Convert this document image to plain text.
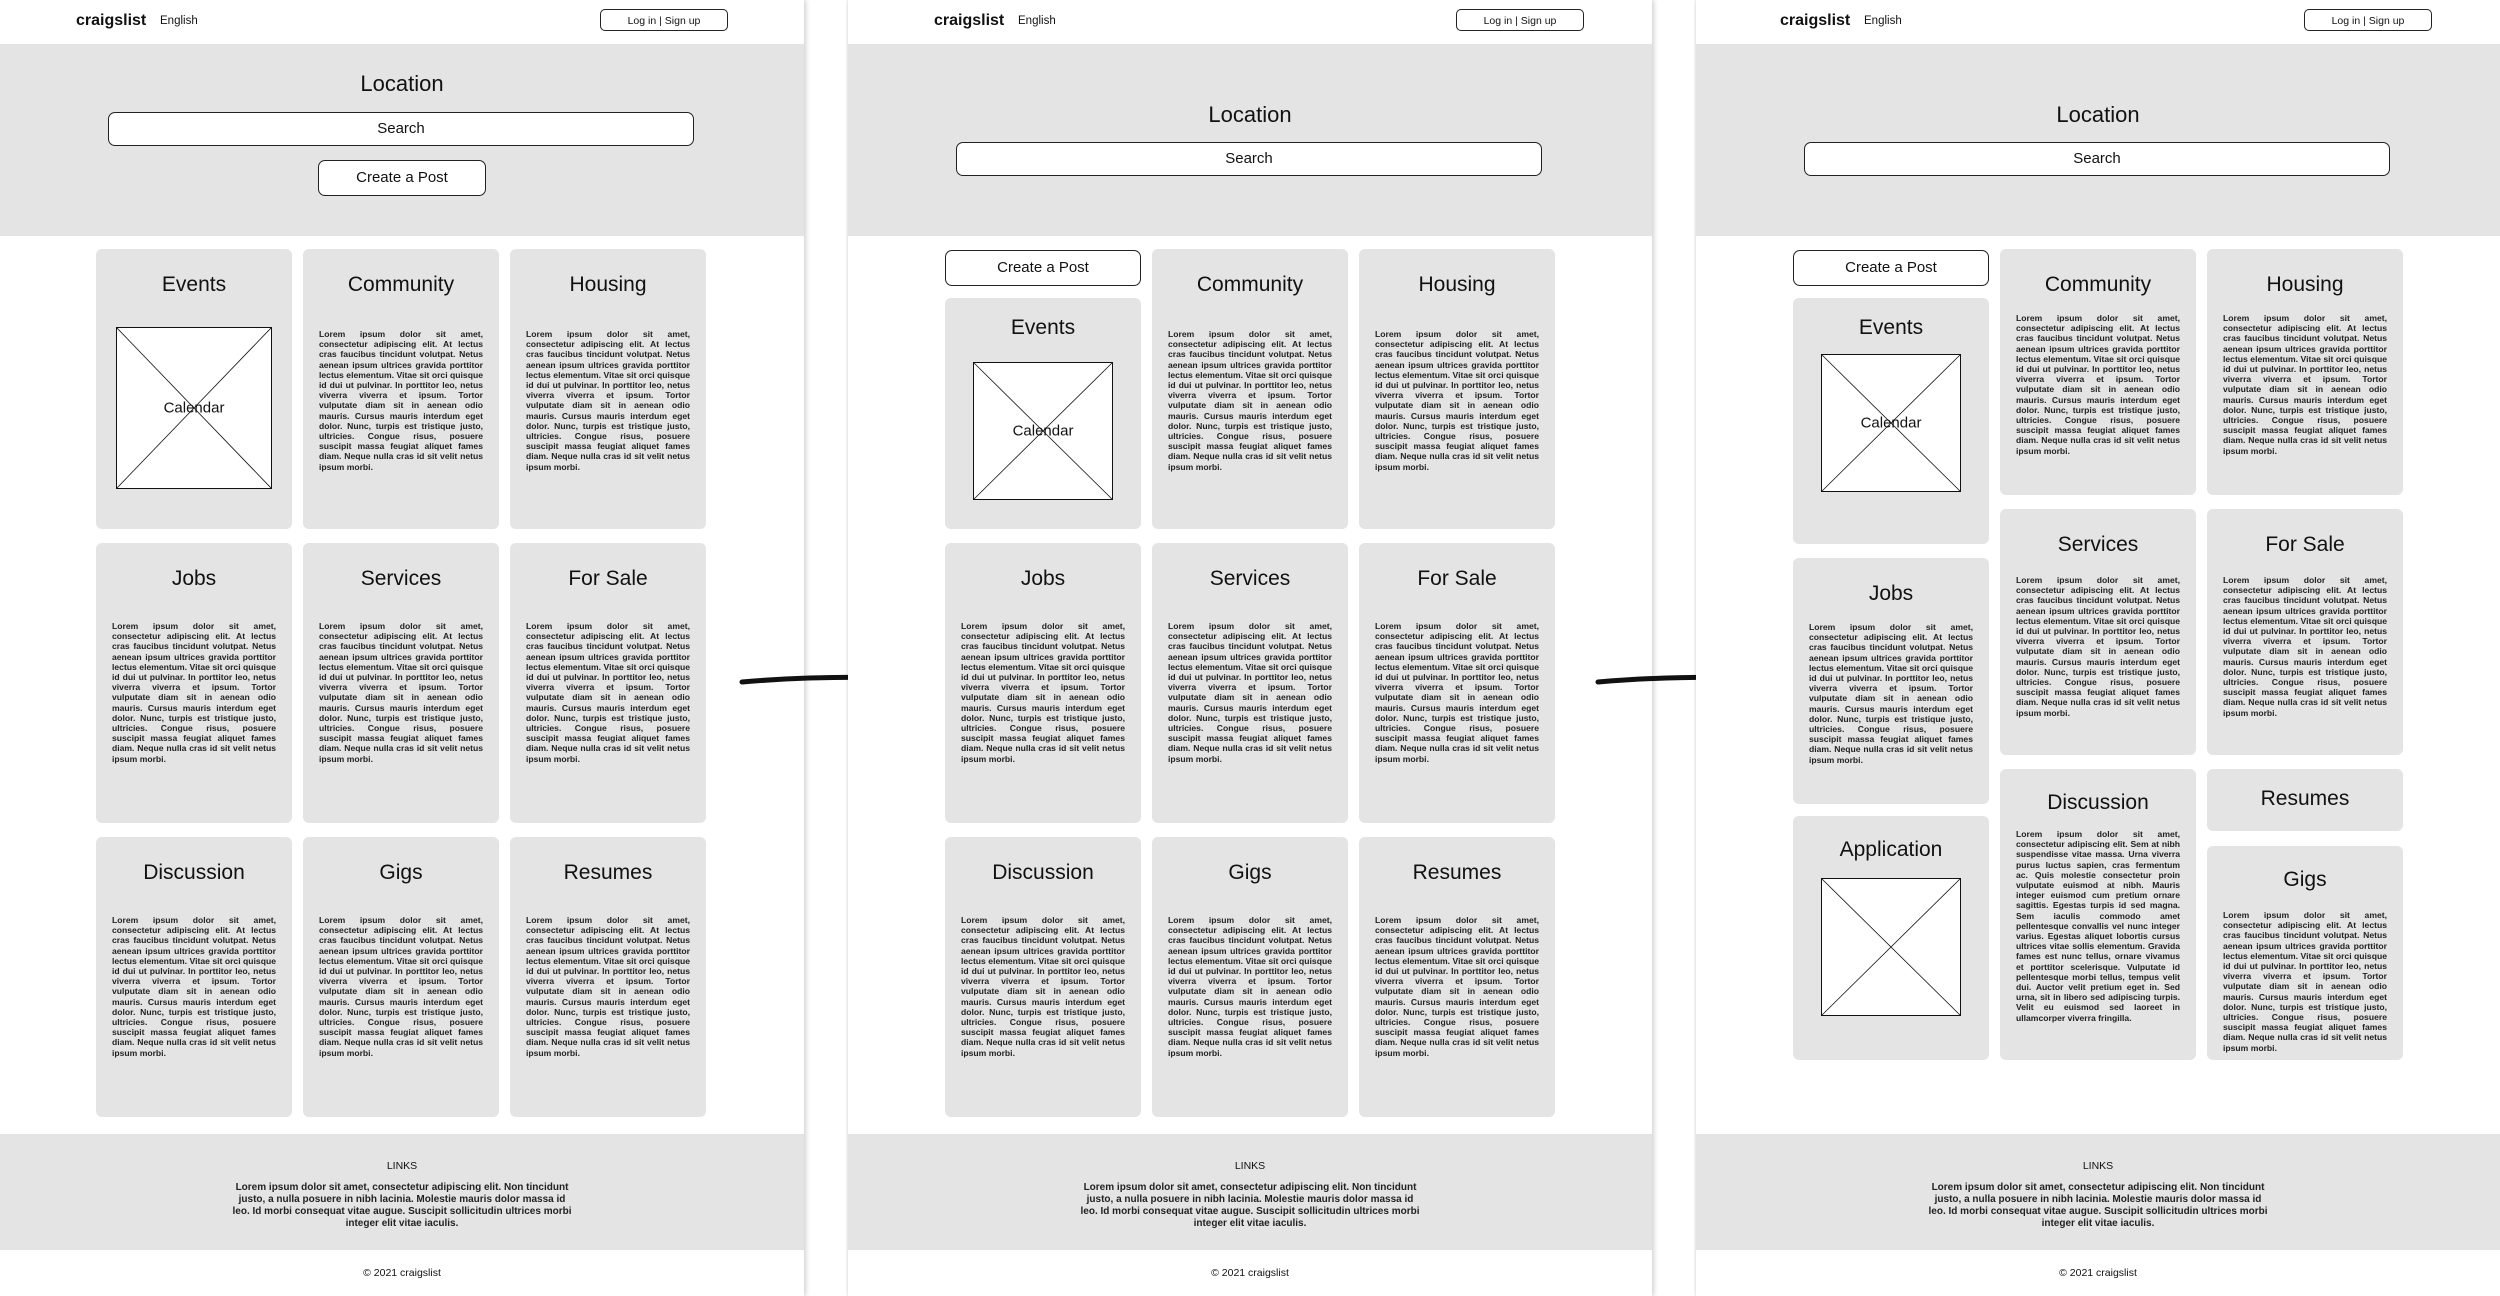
craigslist English	Log in | Sign up
Location
Search
Create a Post
Events
Calendar
Community

Lorem ipsum dolor sit amet, consectetur adipiscing elit. At lectus cras faucibus tincidunt volutpat. Netus aenean ipsum ultrices gravida porttitor lectus elementum. Vitae sit orci quisque id dui ut pulvinar. In porttitor leo, netus viverra viverra et ipsum. Tortor vulputate diam sit in aenean odio mauris. Cursus mauris interdum eget dolor. Nunc, turpis est tristique justo, ultricies. Congue risus, posuere suscipit massa feugiat aliquet fames diam. Neque nulla cras id sit velit netus ipsum morbi.

Housing

Lorem ipsum dolor sit amet, consectetur adipiscing elit. At lectus cras faucibus tincidunt volutpat. Netus aenean ipsum ultrices gravida porttitor lectus elementum. Vitae sit orci quisque id dui ut pulvinar. In porttitor leo, netus viverra viverra et ipsum. Tortor vulputate diam sit in aenean odio mauris. Cursus mauris interdum eget dolor. Nunc, turpis est tristique justo, ultricies. Congue risus, posuere suscipit massa feugiat aliquet fames diam. Neque nulla cras id sit velit netus ipsum morbi.

Jobs

Lorem ipsum dolor sit amet, consectetur adipiscing elit. At lectus cras faucibus tincidunt volutpat. Netus aenean ipsum ultrices gravida porttitor lectus elementum. Vitae sit orci quisque id dui ut pulvinar. In porttitor leo, netus viverra viverra et ipsum. Tortor vulputate diam sit in aenean odio mauris. Cursus mauris interdum eget dolor. Nunc, turpis est tristique justo, ultricies. Congue risus, posuere suscipit massa feugiat aliquet fames diam. Neque nulla cras id sit velit netus ipsum morbi.

Services

Lorem ipsum dolor sit amet, consectetur adipiscing elit. At lectus cras faucibus tincidunt volutpat. Netus aenean ipsum ultrices gravida porttitor lectus elementum. Vitae sit orci quisque id dui ut pulvinar. In porttitor leo, netus viverra viverra et ipsum. Tortor vulputate diam sit in aenean odio mauris. Cursus mauris interdum eget dolor. Nunc, turpis est tristique justo, ultricies. Congue risus, posuere suscipit massa feugiat aliquet fames diam. Neque nulla cras id sit velit netus ipsum morbi.

For Sale

Lorem ipsum dolor sit amet, consectetur adipiscing elit. At lectus cras faucibus tincidunt volutpat. Netus aenean ipsum ultrices gravida porttitor lectus elementum. Vitae sit orci quisque id dui ut pulvinar. In porttitor leo, netus viverra viverra et ipsum. Tortor vulputate diam sit in aenean odio mauris. Cursus mauris interdum eget dolor. Nunc, turpis est tristique justo, ultricies. Congue risus, posuere suscipit massa feugiat aliquet fames diam. Neque nulla cras id sit velit netus ipsum morbi.

Discussion

Lorem ipsum dolor sit amet, consectetur adipiscing elit. At lectus cras faucibus tincidunt volutpat. Netus aenean ipsum ultrices gravida porttitor lectus elementum. Vitae sit orci quisque id dui ut pulvinar. In porttitor leo, netus viverra viverra et ipsum. Tortor vulputate diam sit in aenean odio mauris. Cursus mauris interdum eget dolor. Nunc, turpis est tristique justo, ultricies. Congue risus, posuere suscipit massa feugiat aliquet fames diam. Neque nulla cras id sit velit netus ipsum morbi.

Gigs

Lorem ipsum dolor sit amet, consectetur adipiscing elit. At lectus cras faucibus tincidunt volutpat. Netus aenean ipsum ultrices gravida porttitor lectus elementum. Vitae sit orci quisque id dui ut pulvinar. In porttitor leo, netus viverra viverra et ipsum. Tortor vulputate diam sit in aenean odio mauris. Cursus mauris interdum eget dolor. Nunc, turpis est tristique justo, ultricies. Congue risus, posuere suscipit massa feugiat aliquet fames diam. Neque nulla cras id sit velit netus ipsum morbi.

Resumes

Lorem ipsum dolor sit amet, consectetur adipiscing elit. At lectus cras faucibus tincidunt volutpat. Netus aenean ipsum ultrices gravida porttitor lectus elementum. Vitae sit orci quisque id dui ut pulvinar. In porttitor leo, netus viverra viverra et ipsum. Tortor vulputate diam sit in aenean odio mauris. Cursus mauris interdum eget dolor. Nunc, turpis est tristique justo, ultricies. Congue risus, posuere suscipit massa feugiat aliquet fames diam. Neque nulla cras id sit velit netus ipsum morbi.

LINKS
Lorem ipsum dolor sit amet, consectetur adipiscing elit. Non tincidunt justo, a nulla posuere in nibh lacinia. Molestie mauris dolor massa id leo. Id morbi consequat vitae augue. Suscipit sollicitudin ultrices morbi integer elit vitae iaculis.
© 2021 craigslist
craigslist English	Log in | Sign up
Location
Search
Create a Post
Events
Calendar
Community

Lorem ipsum dolor sit amet, consectetur adipiscing elit. At lectus cras faucibus tincidunt volutpat. Netus aenean ipsum ultrices gravida porttitor lectus elementum. Vitae sit orci quisque id dui ut pulvinar. In porttitor leo, netus viverra viverra et ipsum. Tortor vulputate diam sit in aenean odio mauris. Cursus mauris interdum eget dolor. Nunc, turpis est tristique justo, ultricies. Congue risus, posuere suscipit massa feugiat aliquet fames diam. Neque nulla cras id sit velit netus ipsum morbi.

Housing

Lorem ipsum dolor sit amet, consectetur adipiscing elit. At lectus cras faucibus tincidunt volutpat. Netus aenean ipsum ultrices gravida porttitor lectus elementum. Vitae sit orci quisque id dui ut pulvinar. In porttitor leo, netus viverra viverra et ipsum. Tortor vulputate diam sit in aenean odio mauris. Cursus mauris interdum eget dolor. Nunc, turpis est tristique justo, ultricies. Congue risus, posuere suscipit massa feugiat aliquet fames diam. Neque nulla cras id sit velit netus ipsum morbi.

Jobs

Lorem ipsum dolor sit amet, consectetur adipiscing elit. At lectus cras faucibus tincidunt volutpat. Netus aenean ipsum ultrices gravida porttitor lectus elementum. Vitae sit orci quisque id dui ut pulvinar. In porttitor leo, netus viverra viverra et ipsum. Tortor vulputate diam sit in aenean odio mauris. Cursus mauris interdum eget dolor. Nunc, turpis est tristique justo, ultricies. Congue risus, posuere suscipit massa feugiat aliquet fames diam. Neque nulla cras id sit velit netus ipsum morbi.

Services

Lorem ipsum dolor sit amet, consectetur adipiscing elit. At lectus cras faucibus tincidunt volutpat. Netus aenean ipsum ultrices gravida porttitor lectus elementum. Vitae sit orci quisque id dui ut pulvinar. In porttitor leo, netus viverra viverra et ipsum. Tortor vulputate diam sit in aenean odio mauris. Cursus mauris interdum eget dolor. Nunc, turpis est tristique justo, ultricies. Congue risus, posuere suscipit massa feugiat aliquet fames diam. Neque nulla cras id sit velit netus ipsum morbi.

For Sale

Lorem ipsum dolor sit amet, consectetur adipiscing elit. At lectus cras faucibus tincidunt volutpat. Netus aenean ipsum ultrices gravida porttitor lectus elementum. Vitae sit orci quisque id dui ut pulvinar. In porttitor leo, netus viverra viverra et ipsum. Tortor vulputate diam sit in aenean odio mauris. Cursus mauris interdum eget dolor. Nunc, turpis est tristique justo, ultricies. Congue risus, posuere suscipit massa feugiat aliquet fames diam. Neque nulla cras id sit velit netus ipsum morbi.

Discussion

Lorem ipsum dolor sit amet, consectetur adipiscing elit. At lectus cras faucibus tincidunt volutpat. Netus aenean ipsum ultrices gravida porttitor lectus elementum. Vitae sit orci quisque id dui ut pulvinar. In porttitor leo, netus viverra viverra et ipsum. Tortor vulputate diam sit in aenean odio mauris. Cursus mauris interdum eget dolor. Nunc, turpis est tristique justo, ultricies. Congue risus, posuere suscipit massa feugiat aliquet fames diam. Neque nulla cras id sit velit netus ipsum morbi.

Gigs

Lorem ipsum dolor sit amet, consectetur adipiscing elit. At lectus cras faucibus tincidunt volutpat. Netus aenean ipsum ultrices gravida porttitor lectus elementum. Vitae sit orci quisque id dui ut pulvinar. In porttitor leo, netus viverra viverra et ipsum. Tortor vulputate diam sit in aenean odio mauris. Cursus mauris interdum eget dolor. Nunc, turpis est tristique justo, ultricies. Congue risus, posuere suscipit massa feugiat aliquet fames diam. Neque nulla cras id sit velit netus ipsum morbi.

Resumes

Lorem ipsum dolor sit amet, consectetur adipiscing elit. At lectus cras faucibus tincidunt volutpat. Netus aenean ipsum ultrices gravida porttitor lectus elementum. Vitae sit orci quisque id dui ut pulvinar. In porttitor leo, netus viverra viverra et ipsum. Tortor vulputate diam sit in aenean odio mauris. Cursus mauris interdum eget dolor. Nunc, turpis est tristique justo, ultricies. Congue risus, posuere suscipit massa feugiat aliquet fames diam. Neque nulla cras id sit velit netus ipsum morbi.

LINKS
Lorem ipsum dolor sit amet, consectetur adipiscing elit. Non tincidunt justo, a nulla posuere in nibh lacinia. Molestie mauris dolor massa id leo. Id morbi consequat vitae augue. Suscipit sollicitudin ultrices morbi integer elit vitae iaculis.
© 2021 craigslist
craigslist English	Log in | Sign up
Location
Search
Create a Post
Events
Calendar
Jobs

Lorem ipsum dolor sit amet, consectetur adipiscing elit. At lectus cras faucibus tincidunt volutpat. Netus aenean ipsum ultrices gravida porttitor lectus elementum. Vitae sit orci quisque id dui ut pulvinar. In porttitor leo, netus viverra viverra et ipsum. Tortor vulputate diam sit in aenean odio mauris. Cursus mauris interdum eget dolor. Nunc, turpis est tristique justo, ultricies. Congue risus, posuere suscipit massa feugiat aliquet fames diam. Neque nulla cras id sit velit netus ipsum morbi.

Application
Community

Lorem ipsum dolor sit amet, consectetur adipiscing elit. At lectus cras faucibus tincidunt volutpat. Netus aenean ipsum ultrices gravida porttitor lectus elementum. Vitae sit orci quisque id dui ut pulvinar. In porttitor leo, netus viverra viverra et ipsum. Tortor vulputate diam sit in aenean odio mauris. Cursus mauris interdum eget dolor. Nunc, turpis est tristique justo, ultricies. Congue risus, posuere suscipit massa feugiat aliquet fames diam. Neque nulla cras id sit velit netus ipsum morbi.

Services

Lorem ipsum dolor sit amet, consectetur adipiscing elit. At lectus cras faucibus tincidunt volutpat. Netus aenean ipsum ultrices gravida porttitor lectus elementum. Vitae sit orci quisque id dui ut pulvinar. In porttitor leo, netus viverra viverra et ipsum. Tortor vulputate diam sit in aenean odio mauris. Cursus mauris interdum eget dolor. Nunc, turpis est tristique justo, ultricies. Congue risus, posuere suscipit massa feugiat aliquet fames diam. Neque nulla cras id sit velit netus ipsum morbi.

Discussion

Lorem ipsum dolor sit amet, consectetur adipiscing elit. Sem at nibh suspendisse vitae massa. Urna viverra purus luctus sapien, cras fermentum ac. Quis molestie consectetur proin vulputate euismod at nibh. Mauris integer euismod cum pretium ornare sagittis. Egestas turpis id sed magna. Sem iaculis commodo amet pellentesque convallis vel nunc integer varius. Egestas aliquet lobortis cursus ultrices vitae sollis elementum. Gravida fames est nunc tellus, ornare vivamus et porttitor scelerisque. Vulputate id pellentesque morbi tellus, tempus velit dui. Auctor velit pretium eget in. Sed urna, sit in libero sed adipiscing turpis. Velit eu euismod sed laoreet in ullamcorper viverra fringilla.

Housing

Lorem ipsum dolor sit amet, consectetur adipiscing elit. At lectus cras faucibus tincidunt volutpat. Netus aenean ipsum ultrices gravida porttitor lectus elementum. Vitae sit orci quisque id dui ut pulvinar. In porttitor leo, netus viverra viverra et ipsum. Tortor vulputate diam sit in aenean odio mauris. Cursus mauris interdum eget dolor. Nunc, turpis est tristique justo, ultricies. Congue risus, posuere suscipit massa feugiat aliquet fames diam. Neque nulla cras id sit velit netus ipsum morbi.

For Sale

Lorem ipsum dolor sit amet, consectetur adipiscing elit. At lectus cras faucibus tincidunt volutpat. Netus aenean ipsum ultrices gravida porttitor lectus elementum. Vitae sit orci quisque id dui ut pulvinar. In porttitor leo, netus viverra viverra et ipsum. Tortor vulputate diam sit in aenean odio mauris. Cursus mauris interdum eget dolor. Nunc, turpis est tristique justo, ultricies. Congue risus, posuere suscipit massa feugiat aliquet fames diam. Neque nulla cras id sit velit netus ipsum morbi.

Resumes
Gigs

Lorem ipsum dolor sit amet, consectetur adipiscing elit. At lectus cras faucibus tincidunt volutpat. Netus aenean ipsum ultrices gravida porttitor lectus elementum. Vitae sit orci quisque id dui ut pulvinar. In porttitor leo, netus viverra viverra et ipsum. Tortor vulputate diam sit in aenean odio mauris. Cursus mauris interdum eget dolor. Nunc, turpis est tristique justo, ultricies. Congue risus, posuere suscipit massa feugiat aliquet fames diam. Neque nulla cras id sit velit netus ipsum morbi.

LINKS
Lorem ipsum dolor sit amet, consectetur adipiscing elit. Non tincidunt justo, a nulla posuere in nibh lacinia. Molestie mauris dolor massa id leo. Id morbi consequat vitae augue. Suscipit sollicitudin ultrices morbi integer elit vitae iaculis.
© 2021 craigslist
